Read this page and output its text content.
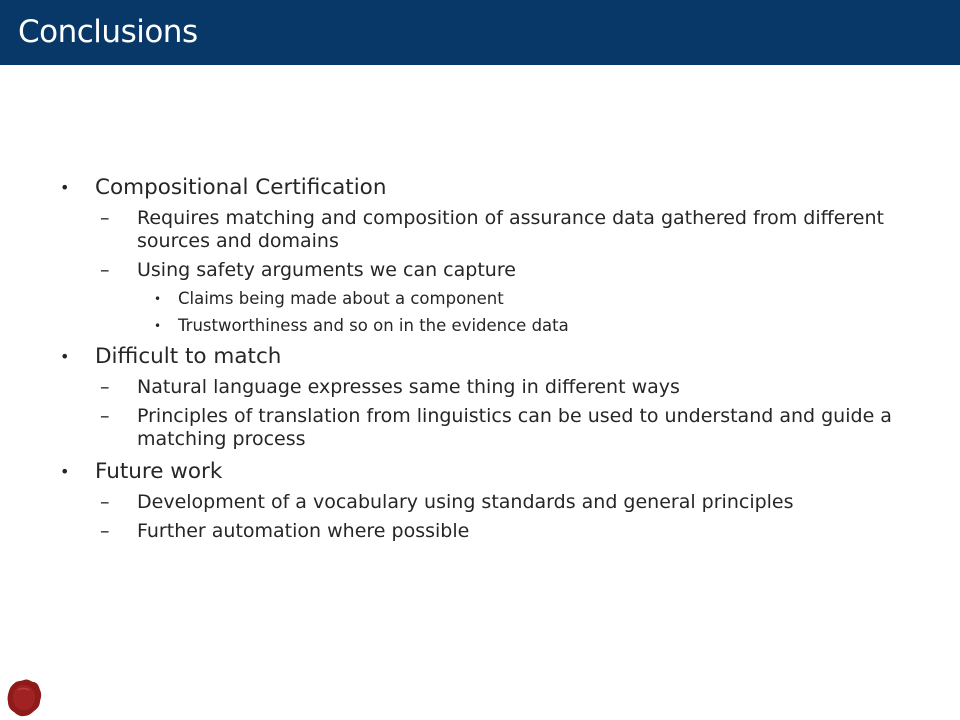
Conclusions
• Compositional Certification
– Requires matching and composition of assurance data gathered from different sources and domains
– Using safety arguments we can capture
• Claims being made about a component
• Trustworthiness and so on in the evidence data
• Difficult to match
– Natural language expresses same thing in different ways
– Principles of translation from linguistics can be used to understand and guide a matching process
• Future work
– Development of a vocabulary using standards and general principles
– Further automation where possible
